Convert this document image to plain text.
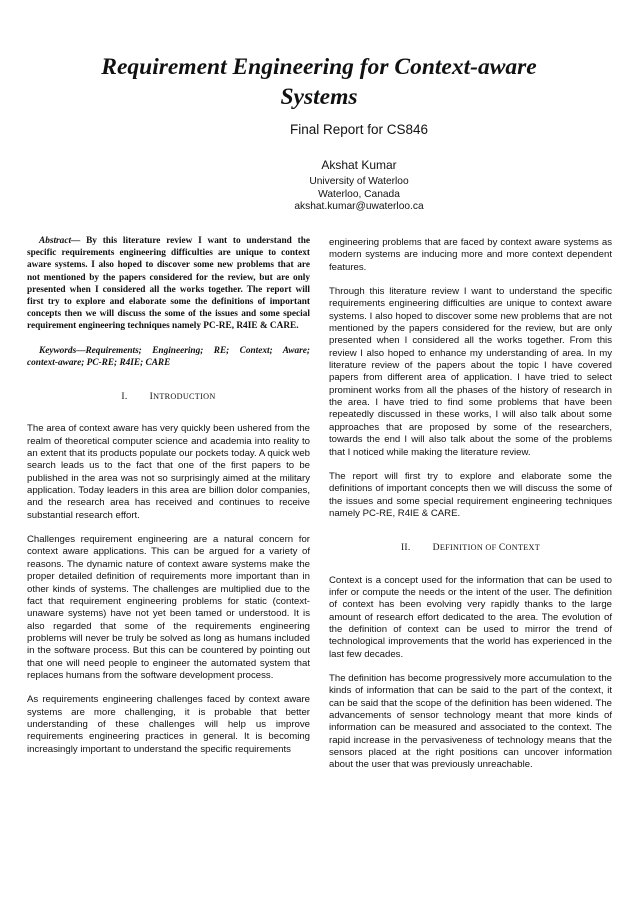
Requirement Engineering for Context-aware Systems
Final Report for CS846
Akshat Kumar
University of Waterloo
Waterloo, Canada
akshat.kumar@uwaterloo.ca

Abstract— By this literature review I want to understand the specific requirements engineering difficulties are unique to context aware systems. I also hoped to discover some new problems that are not mentioned by the papers considered for the review, but are only presented when I considered all the works together. The report will first try to explore and elaborate some the definitions of important concepts then we will discuss the some of the issues and some special requirement engineering techniques namely PC-RE, R4IE & CARE.

Keywords—Requirements; Engineering; RE; Context; Aware; context-aware; PC-RE; R4IE; CARE

I. INTRODUCTION

The area of context aware has very quickly been ushered from the realm of theoretical computer science and academia into reality to an extent that its products populate our pockets today. A quick web search leads us to the fact that one of the first papers to be published in the area was not so surprisingly aimed at the military application. Today leaders in this area are billion dolor companies, and the research area has received and continues to receive substantial research effort.

Challenges requirement engineering are a natural concern for context aware applications. This can be argued for a variety of reasons. The dynamic nature of context aware systems make the proper detailed definition of requirements more important than in other kinds of systems. The challenges are multiplied due to the fact that requirement engineering problems for static (context-unaware systems) have not yet been tamed or understood. It is also regarded that some of the requirements engineering problems will never be truly be solved as long as humans included in the software process. But this can be countered by pointing out that one will need people to engineer the automated system that replaces humans from the software development process.

As requirements engineering challenges faced by context aware systems are more challenging, it is probable that better understanding of these challenges will help us improve requirements engineering practices in general. It is becoming increasingly important to understand the specific requirements

engineering problems that are faced by context aware systems as modern systems are inducing more and more context dependent features.

Through this literature review I want to understand the specific requirements engineering difficulties are unique to context aware systems. I also hoped to discover some new problems that are not mentioned by the papers considered for the review, but are only presented when I considered all the works together. From this review I also hoped to enhance my understanding of area. In my literature review of the papers about the topic I have covered papers from different area of application. I have tried to select prominent works from all the phases of the history of research in the area. I have tried to find some problems that have been repeatedly discussed in these works, I will also talk about some approaches that are proposed by some of the researchers, towards the end I will also talk about the some of the problems that I noticed while making the literature review.

The report will first try to explore and elaborate some the definitions of important concepts then we will discuss the some of the issues and some special requirement engineering techniques namely PC-RE, R4IE & CARE.

II. DEFINITION OF CONTEXT

Context is a concept used for the information that can be used to infer or compute the needs or the intent of the user. The definition of context has been evolving very rapidly thanks to the large amount of research effort dedicated to the area. The evolution of the definition of context can be used to mirror the trend of technological improvements that the world has experienced in the last few decades.

The definition has become progressively more accumulation to the kinds of information that can be said to the part of the context, it can be said that the scope of the definition has been widened. The advancements of sensor technology meant that more kinds of information can be measured and associated to the context. The rapid increase in the pervasiveness of technology means that the sensors placed at the right positions can uncover information about the user that was previously unreachable.
